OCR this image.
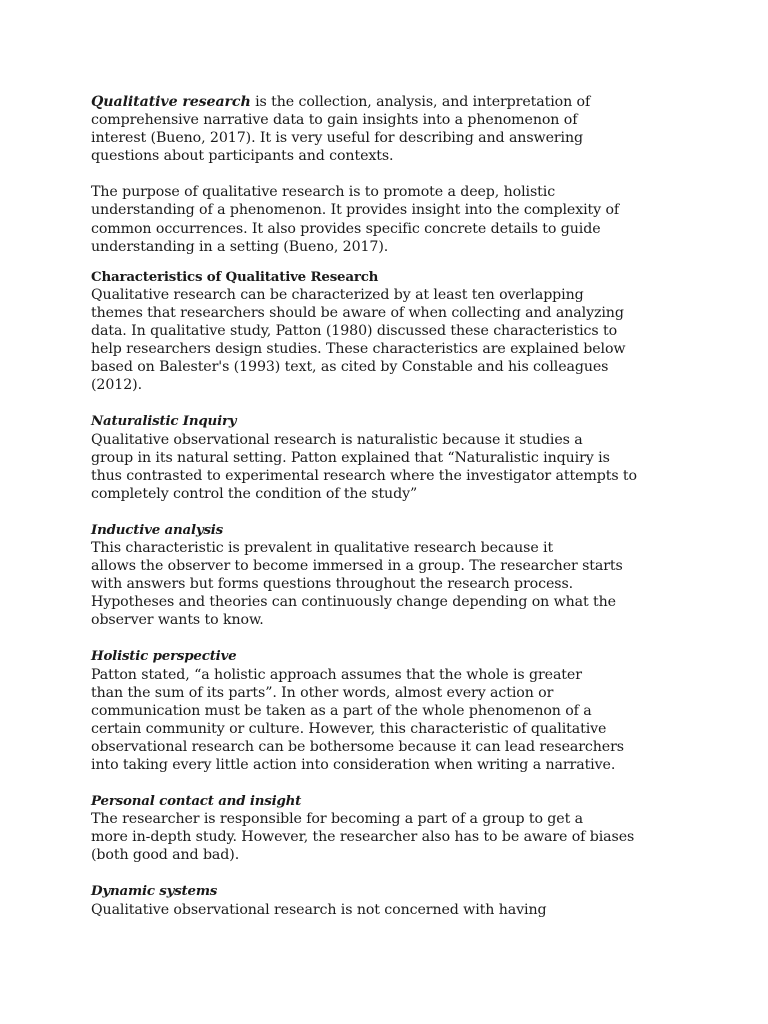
Qualitative research is the collection, analysis, and interpretation of
comprehensive narrative data to gain insights into a phenomenon of
interest (Bueno, 2017). It is very useful for describing and answering
questions about participants and contexts.
The purpose of qualitative research is to promote a deep, holistic
understanding of a phenomenon. It provides insight into the complexity of
common occurrences. It also provides specific concrete details to guide
understanding in a setting (Bueno, 2017).
Characteristics of Qualitative Research
Qualitative research can be characterized by at least ten overlapping
themes that researchers should be aware of when collecting and analyzing
data. In qualitative study, Patton (1980) discussed these characteristics to
help researchers design studies. These characteristics are explained below
based on Balester's (1993) text, as cited by Constable and his colleagues
(2012).
Naturalistic Inquiry
Qualitative observational research is naturalistic because it studies a
group in its natural setting. Patton explained that “Naturalistic inquiry is
thus contrasted to experimental research where the investigator attempts to
completely control the condition of the study”
Inductive analysis
This characteristic is prevalent in qualitative research because it
allows the observer to become immersed in a group. The researcher starts
with answers but forms questions throughout the research process.
Hypotheses and theories can continuously change depending on what the
observer wants to know.
Holistic perspective
Patton stated, “a holistic approach assumes that the whole is greater
than the sum of its parts”. In other words, almost every action or
communication must be taken as a part of the whole phenomenon of a
certain community or culture. However, this characteristic of qualitative
observational research can be bothersome because it can lead researchers
into taking every little action into consideration when writing a narrative.
Personal contact and insight
The researcher is responsible for becoming a part of a group to get a
more in-depth study. However, the researcher also has to be aware of biases
(both good and bad).
Dynamic systems
Qualitative observational research is not concerned with having
